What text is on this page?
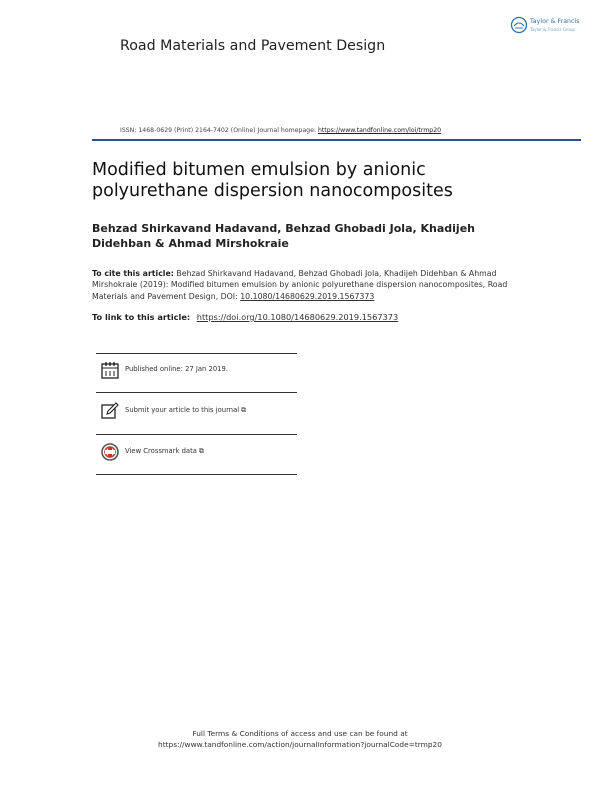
Taylor & Francis
Taylor & Francis Group
Road Materials and Pavement Design
ISSN: 1468-0629 (Print) 2164-7402 (Online) Journal homepage: https://www.tandfonline.com/loi/trmp20
Modified bitumen emulsion by anionic polyurethane dispersion nanocomposites
Behzad Shirkavand Hadavand, Behzad Ghobadi Jola, Khadijeh Didehban & Ahmad Mirshokraie
To cite this article: Behzad Shirkavand Hadavand, Behzad Ghobadi Jola, Khadijeh Didehban & Ahmad Mirshokraie (2019): Modified bitumen emulsion by anionic polyurethane dispersion nanocomposites, Road Materials and Pavement Design, DOI: 10.1080/14680629.2019.1567373
To link to this article: https://doi.org/10.1080/14680629.2019.1567373
Published online: 27 Jan 2019.
Submit your article to this journal ⧉
View Crossmark data ⧉
Full Terms & Conditions of access and use can be found at
https://www.tandfonline.com/action/journalInformation?journalCode=trmp20
